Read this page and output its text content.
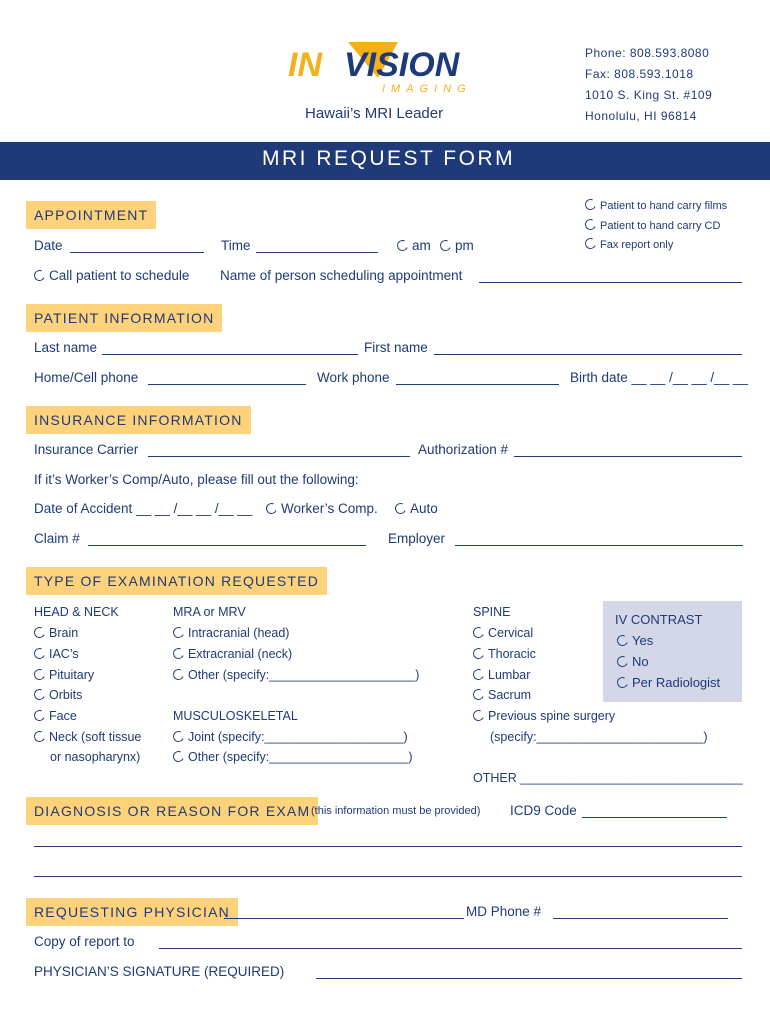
IN VISION
IMAGING
Hawaii’s MRI Leader
Phone: 808.593.8080
Fax: 808.593.1018
1010 S. King St. #109
Honolulu, HI 96814
MRI REQUEST FORM
APPOINTMENT
Patient to hand carry films
Patient to hand carry CD
Fax report only
Date	Time	am	pm
Call patient to schedule Name of person scheduling appointment
PATIENT INFORMATION
Last name	First name
Home/Cell phone	Work phone	Birth date __ __ /__ __ /__ __
INSURANCE INFORMATION
Insurance Carrier	Authorization #
If it’s Worker’s Comp/Auto, please fill out the following:
Date of Accident __ __ /__ __ /__ __	Worker’s Comp.	Auto
Claim #	Employer
TYPE OF EXAMINATION REQUESTED
HEAD & NECK
Brain
IAC’s
Pituitary
Orbits
Face
Neck (soft tissue
or nasopharynx)
MRA or MRV
Intracranial (head)
Extracranial (neck)
Other (specify:_____________________)
MUSCULOSKELETAL
Joint (specify:____________________)
Other (specify:____________________)
SPINE
Cervical
Thoracic
Lumbar
Sacrum
Previous spine surgery
(specify:________________________)
IV CONTRAST
Yes
No
Per Radiologist
OTHER ________________________________
DIAGNOSIS OR REASON FOR EXAM (this information must be provided) ICD9 Code
REQUESTING PHYSICIAN	MD Phone #
Copy of report to
PHYSICIAN’S SIGNATURE (REQUIRED)
